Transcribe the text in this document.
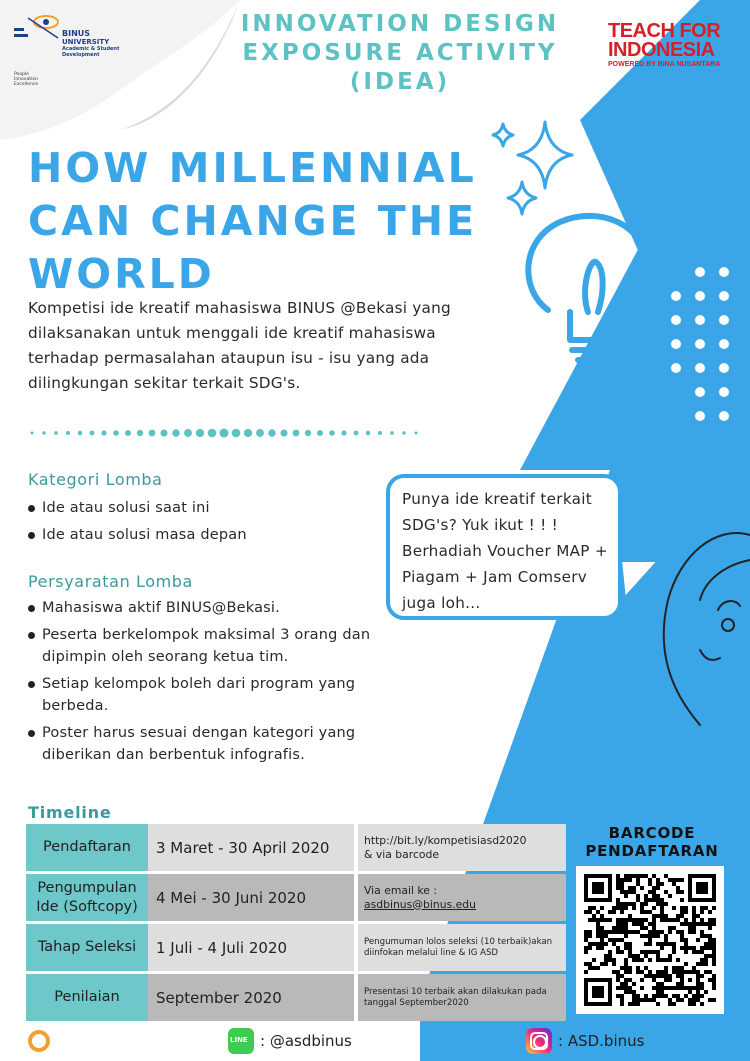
BINUS
UNIVERSITY

Academic & Student Development
People Innovation Excellence
INNOVATION DESIGN
EXPOSURE ACTIVITY
(IDEA)
TEACH FOR
INDONESIA
POWERED BY BINA NUSANTARA
HOW MILLENNIAL
CAN CHANGE THE
WORLD

Kompetisi ide kreatif mahasiswa BINUS @Bekasi yang dilaksanakan untuk menggali ide kreatif mahasiswa terhadap permasalahan ataupun isu - isu yang ada dilingkungan sekitar terkait SDG's.

Kategori Lomba
Ide atau solusi saat ini
Ide atau solusi masa depan
Persyaratan Lomba
Mahasiswa aktif BINUS@Bekasi.
Peserta berkelompok maksimal 3 orang dan dipimpin oleh seorang ketua tim.
Setiap kelompok boleh dari program yang berbeda.
Poster harus sesuai dengan kategori yang diberikan dan berbentuk infografis.
Punya ide kreatif terkait SDG's? Yuk ikut ! ! ! Berhadiah Voucher MAP + Piagam + Jam Comserv juga loh...
Timeline
Pendaftaran	3 Maret - 30 April 2020	http://bit.ly/kompetisiasd2020
& via barcode
Pengumpulan Ide (Softcopy)	4 Mei - 30 Juni 2020	Via email ke :
asdbinus@binus.edu
Tahap Seleksi	1 Juli - 4 Juli 2020	Pengumuman lolos seleksi (10 terbaik)akan diinfokan melalui line & IG ASD
Penilaian	September 2020	Presentasi 10 terbaik akan dilakukan pada tanggal September2020
BARCODE
PENDAFTARAN
LINE
: @asdbinus	: ASD.binus
